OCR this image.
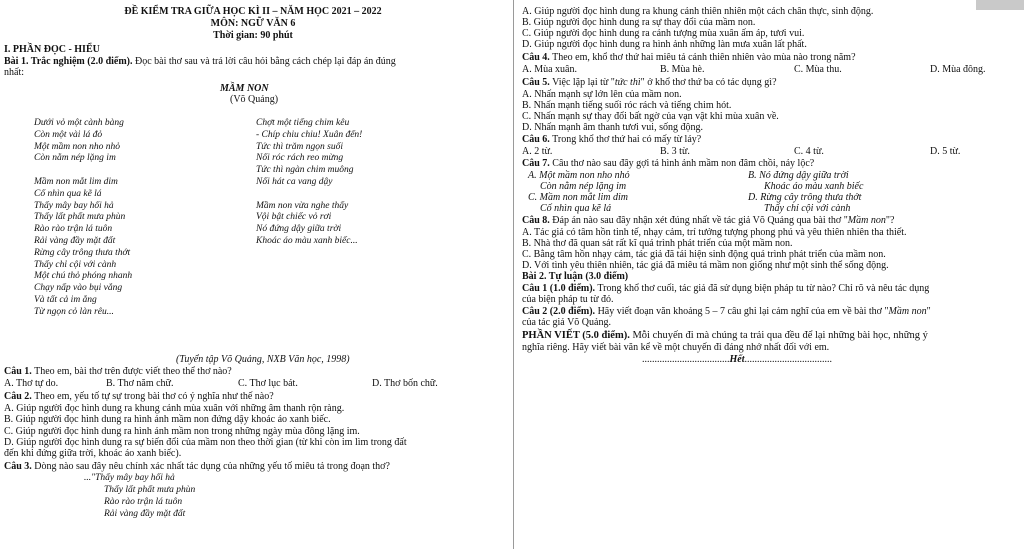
ĐỀ KIỂM TRA GIỮA HỌC KÌ II – NĂM HỌC 2021 – 2022
MÔN: NGỮ VĂN 6
Thời gian: 90 phút
I. PHẦN ĐỌC - HIỂU
Bài 1. Trắc nghiệm (2.0 điểm). Đọc bài thơ sau và trả lời câu hỏi bằng cách chép lại đáp án đúng
nhất:
MẦM NON
(Võ Quảng)
Dưới vỏ một cành bàng
Còn một vài lá đỏ
Một mầm non nho nhỏ
Còn nằm nép lặng im
Mầm non mắt lim dim
Cố nhìn qua kẽ lá
Thấy mây bay hối hả
Thấy lất phất mưa phùn
Rào rào trận lá tuôn
Rải vàng đầy mặt đất
Rừng cây trông thưa thớt
Thấy chỉ cội với cành
Một chú thỏ phóng nhanh
Chạy nấp vào bụi vắng
Và tất cả im ắng
Từ ngọn cỏ làn rêu...
Chợt một tiếng chim kêu
- Chíp chiu chiu! Xuân đến!
Tức thì trăm ngọn suối
Nối róc rách reo mừng
Tức thì ngàn chim muông
Nối hát ca vang dậy
Mầm non vừa nghe thấy
Vội bật chiếc vỏ rơi
Nó đứng dậy giữa trời
Khoác áo màu xanh biếc...
(Tuyển tập Võ Quảng, NXB Văn học, 1998)
Câu 1. Theo em, bài thơ trên được viết theo thể thơ nào?
A. Thơ tự do.	B. Thơ năm chữ.	C. Thơ lục bát.	D. Thơ bốn chữ.
Câu 2. Theo em, yếu tố tự sự trong bài thơ có ý nghĩa như thế nào?
A. Giúp người đọc hình dung ra khung cảnh mùa xuân với những âm thanh rộn ràng.
B. Giúp người đọc hình dung ra hình ảnh mầm non đứng dậy khoác áo xanh biếc.
C. Giúp người đọc hình dung ra hình ảnh mầm non trong những ngày mùa đông lặng im.
D. Giúp người đọc hình dung ra sự biến đổi của mầm non theo thời gian (từ khi còn im lìm trong đất
đến khi đứng giữa trời, khoác áo xanh biếc).
Câu 3. Dòng nào sau đây nêu chính xác nhất tác dụng của những yếu tố miêu tả trong đoạn thơ?
..."Thấy mây bay hối hả
Thấy lất phất mưa phùn
Rào rào trận lá tuôn
Rải vàng đầy mặt đất
A. Giúp người đọc hình dung ra khung cảnh thiên nhiên một cách chân thực, sinh động.
B. Giúp người đọc hình dung ra sự thay đổi của mầm non.
C. Giúp người đọc hình dung ra cảnh tượng mùa xuân ấm áp, tươi vui.
D. Giúp người đọc hình dung ra hình ảnh những làn mưa xuân lất phất.
Câu 4. Theo em, khổ thơ thứ hai miêu tả cảnh thiên nhiên vào mùa nào trong năm?
A. Mùa xuân.	B. Mùa hè.	C. Mùa thu.	D. Mùa đông.
Câu 5. Việc lặp lại từ "tức thì" ở khổ thơ thứ ba có tác dụng gì?
A. Nhấn mạnh sự lớn lên của mầm non.
B. Nhấn mạnh tiếng suối róc rách và tiếng chim hót.
C. Nhấn mạnh sự thay đổi bất ngờ của vạn vật khi mùa xuân về.
D. Nhấn mạnh âm thanh tươi vui, sống động.
Câu 6. Trong khổ thơ thứ hai có mấy từ láy?
A. 2 từ.	B. 3 từ.	C. 4 từ.	D. 5 từ.
Câu 7. Câu thơ nào sau đây gợi tả hình ảnh mầm non đâm chồi, nảy lộc?
A. Một mầm non nho nhỏ
Còn nằm nép lặng im
B. Nó đứng dậy giữa trời
Khoác áo màu xanh biếc
C. Mầm non mắt lim dim
Cố nhìn qua kẽ lá
D. Rừng cây trông thưa thớt
Thấy chỉ cội với cành
Câu 8. Đáp án nào sau đây nhận xét đúng nhất về tác giả Võ Quảng qua bài thơ "Mầm non"?
A. Tác giả có tâm hồn tinh tế, nhạy cảm, trí tưởng tượng phong phú và yêu thiên nhiên tha thiết.
B. Nhà thơ đã quan sát rất kĩ quá trình phát triển của một mầm non.
C. Bằng tâm hồn nhạy cảm, tác giả đã tái hiện sinh động quá trình phát triển của mầm non.
D. Với tình yêu thiên nhiên, tác giả đã miêu tả mầm non giống như một sinh thể sống động.
Bài 2. Tự luận (3.0 điểm)
Câu 1 (1.0 điểm). Trong khổ thơ cuối, tác giả đã sử dụng biện pháp tu từ nào? Chỉ rõ và nêu tác dụng
của biện pháp tu từ đó.
Câu 2 (2.0 điểm). Hãy viết đoạn văn khoảng 5 – 7 câu ghi lại cảm nghĩ của em về bài thơ "Mầm non"
của tác giả Võ Quảng.
PHẦN VIẾT (5.0 điểm). Mỗi chuyến đi mà chúng ta trải qua đều để lại những bài học, những ý
nghĩa riêng. Hãy viết bài văn kể về một chuyến đi đáng nhớ nhất đối với em.
...................................Hết...................................
